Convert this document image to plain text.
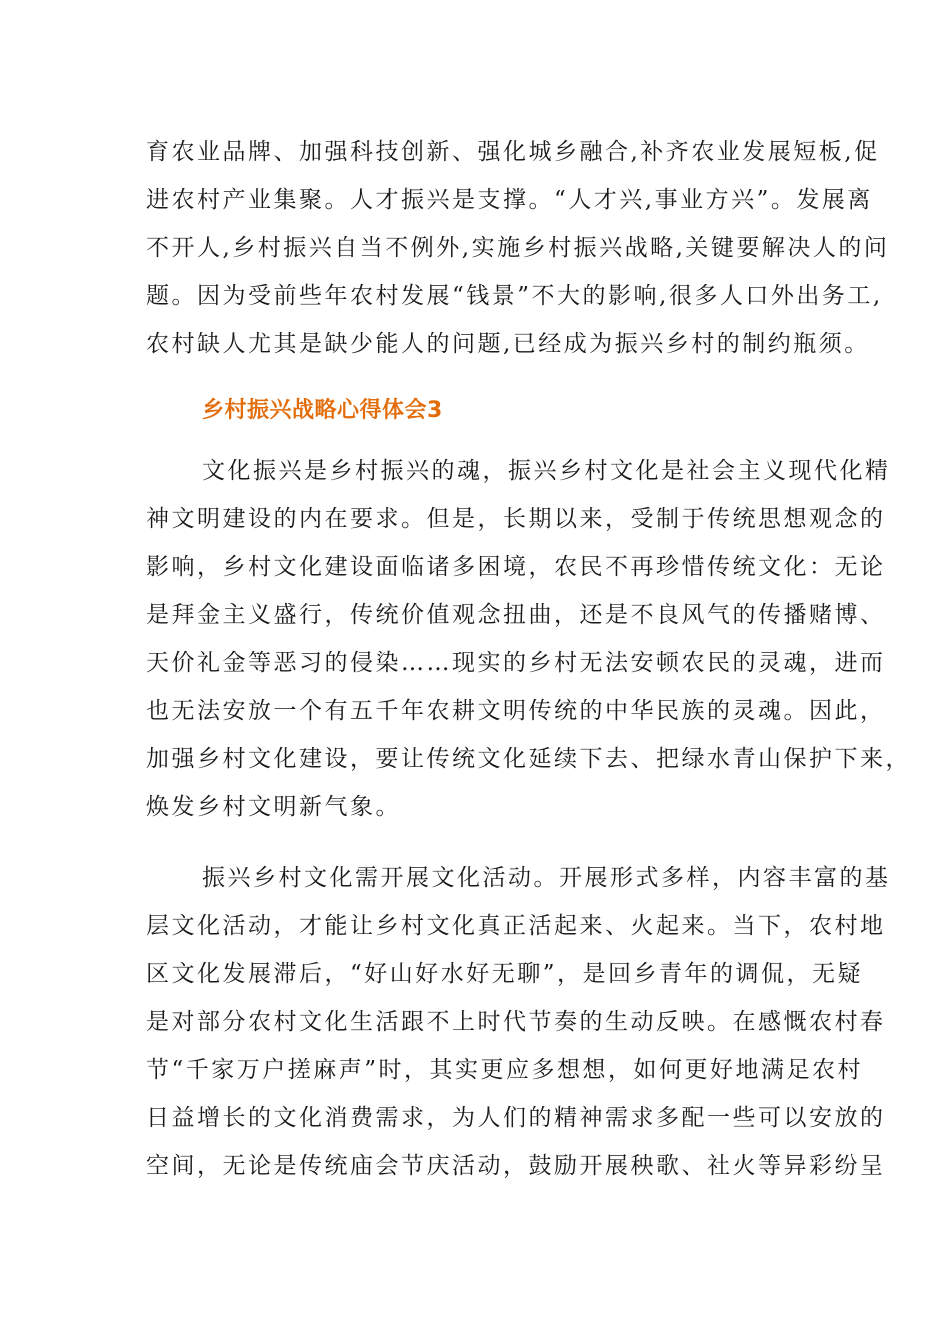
育农业品牌、加强科技创新、强化城乡融合,补齐农业发展短板,促
进农村产业集聚。人才振兴是支撑。“人才兴,事业方兴”。发展离
不开人,乡村振兴自当不例外,实施乡村振兴战略,关键要解决人的问
题。因为受前些年农村发展“钱景”不大的影响,很多人口外出务工,
农村缺人尤其是缺少能人的问题,已经成为振兴乡村的制约瓶须。
乡村振兴战略心得体会3
文化振兴是乡村振兴的魂，振兴乡村文化是社会主义现代化精
神文明建设的内在要求。但是，长期以来，受制于传统思想观念的
影响，乡村文化建设面临诸多困境，农民不再珍惜传统文化：无论
是拜金主义盛行，传统价值观念扭曲，还是不良风气的传播赌博、
天价礼金等恶习的侵染……现实的乡村无法安顿农民的灵魂，进而
也无法安放一个有五千年农耕文明传统的中华民族的灵魂。因此，
加强乡村文化建设，要让传统文化延续下去、把绿水青山保护下来，
焕发乡村文明新气象。
振兴乡村文化需开展文化活动。开展形式多样，内容丰富的基
层文化活动，才能让乡村文化真正活起来、火起来。当下，农村地
区文化发展滞后，“好山好水好无聊”，是回乡青年的调侃，无疑
是对部分农村文化生活跟不上时代节奏的生动反映。在感慨农村春
节“千家万户搓麻声”时，其实更应多想想，如何更好地满足农村
日益增长的文化消费需求，为人们的精神需求多配一些可以安放的
空间，无论是传统庙会节庆活动，鼓励开展秧歌、社火等异彩纷呈
